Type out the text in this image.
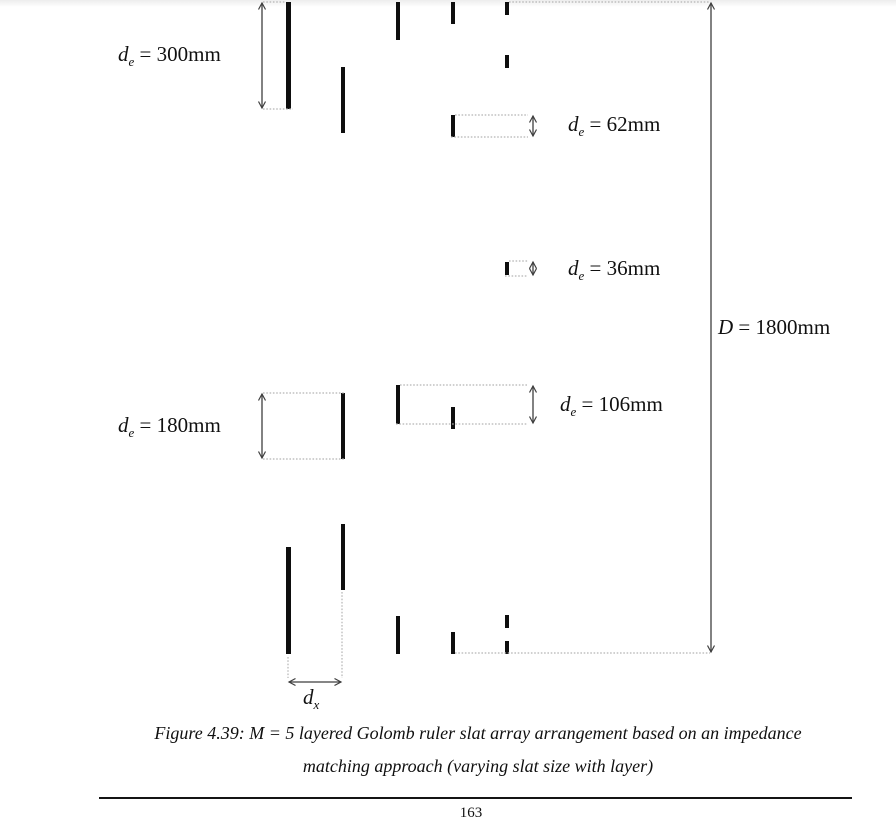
$d_e = 300mm$
$d_e = 62mm$
$d_e = 36mm$
$d_e = 106mm$
$d_e = 180mm$
D = 1800mm
$d_x$

Figure 4.39: M = 5 layered Golomb ruler slat array arrangement based on an impedance

matching approach (varying slat size with layer)

163
